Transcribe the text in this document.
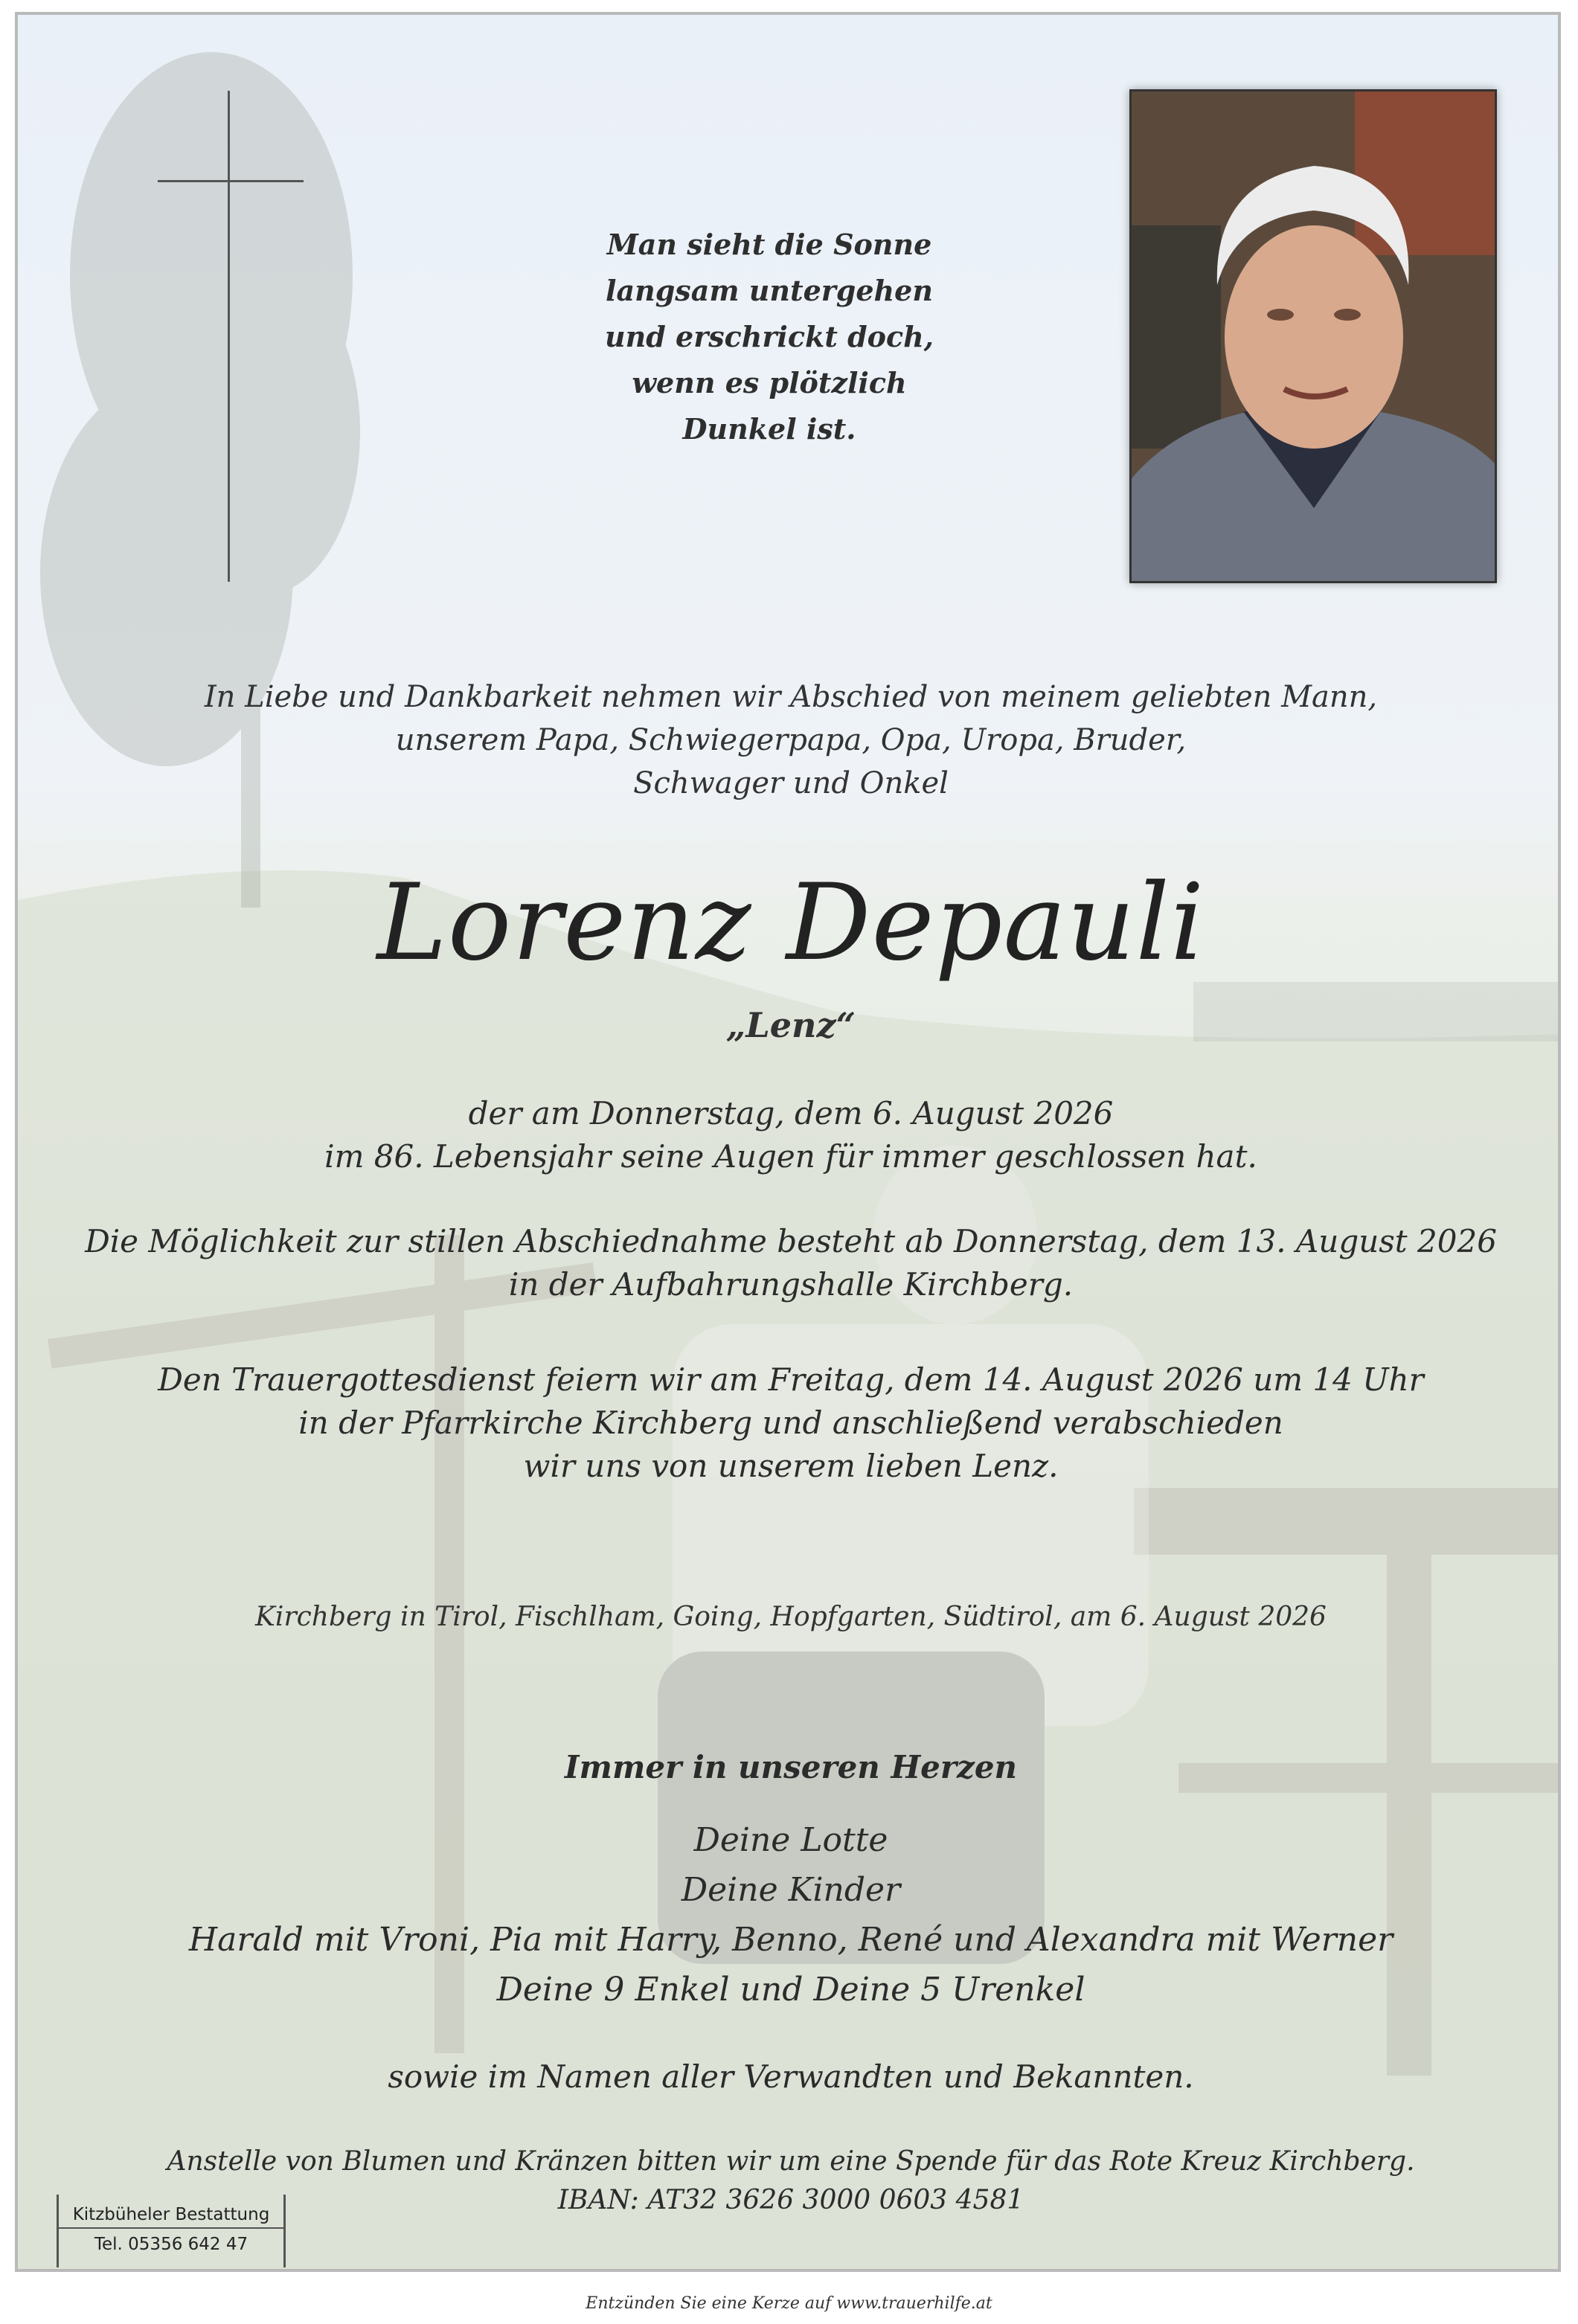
Man sieht die Sonne
langsam untergehen
und erschrickt doch,
wenn es plötzlich
Dunkel ist.
In Liebe und Dankbarkeit nehmen wir Abschied von meinem geliebten Mann,
unserem Papa, Schwiegerpapa, Opa, Uropa, Bruder,
Schwager und Onkel
Lorenz Depauli
„Lenz“
der am Donnerstag, dem 6. August 2026
im 86. Lebensjahr seine Augen für immer geschlossen hat.
Die Möglichkeit zur stillen Abschiednahme besteht ab Donnerstag, dem 13. August 2026
in der Aufbahrungshalle Kirchberg.
Den Trauergottesdienst feiern wir am Freitag, dem 14. August 2026 um 14 Uhr
in der Pfarrkirche Kirchberg und anschließend verabschieden
wir uns von unserem lieben Lenz.
Kirchberg in Tirol, Fischlham, Going, Hopfgarten, Südtirol, am 6. August 2026
Immer in unseren Herzen
Deine Lotte
Deine Kinder
Harald mit Vroni, Pia mit Harry, Benno, René und Alexandra mit Werner
Deine 9 Enkel und Deine 5 Urenkel
sowie im Namen aller Verwandten und Bekannten.
Anstelle von Blumen und Kränzen bitten wir um eine Spende für das Rote Kreuz Kirchberg.
IBAN: AT32 3626 3000 0603 4581
Kitzbüheler Bestattung
Tel. 05356 642 47
Entzünden Sie eine Kerze auf www.trauerhilfe.at
